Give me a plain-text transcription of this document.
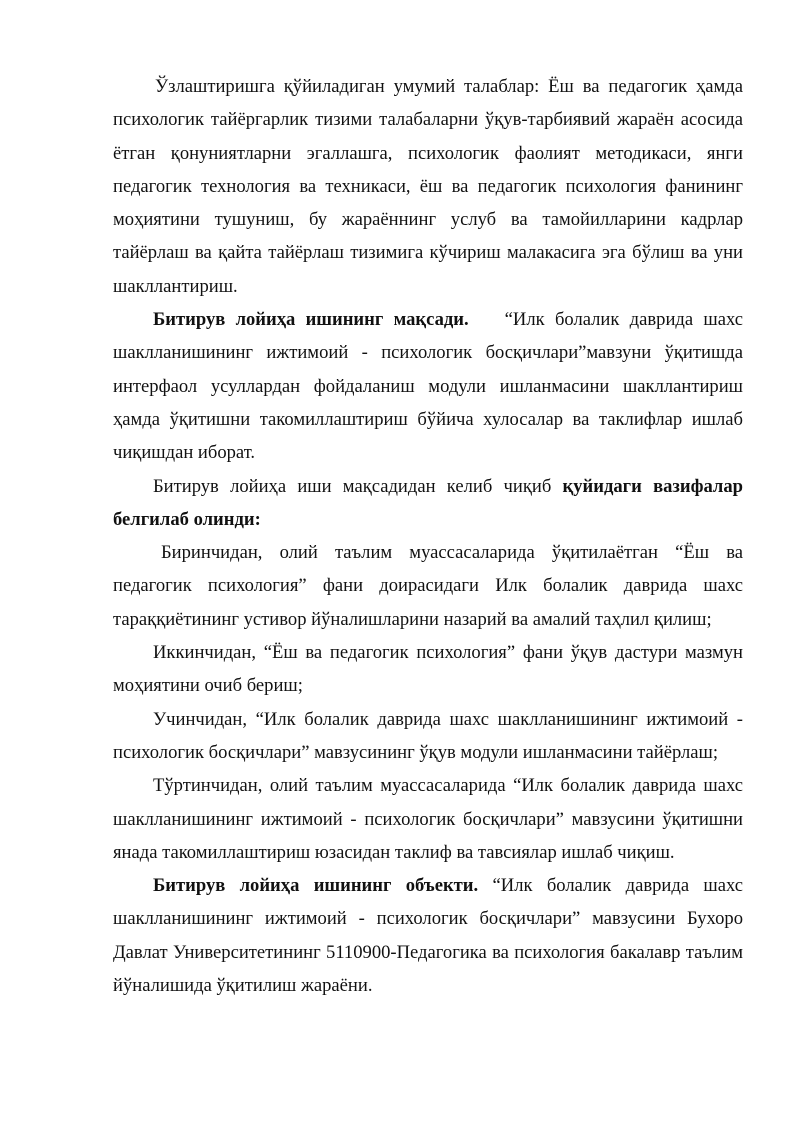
Ўзлаштиришга қўйиладиган умумий талаблар: Ёш ва педагогик ҳамда психологик тайёргарлик тизими талабаларни ўқув-тарбиявий жараён асосида ётган қонуниятларни эгаллашга, психологик фаолият методикаси, янги педагогик технология ва техникаси, ёш ва педагогик психология фанининг моҳиятини тушуниш, бу жараённинг услуб ва тамойилларини кадрлар тайёрлаш ва қайта тайёрлаш тизимига кўчириш малакасига эга бўлиш ва уни шакллантириш.

Битирув лойиҳа ишининг мақсади. “Илк болалик даврида шахс шаклланишининг ижтимоий - психологик босқичлари”мавзуни ўқитишда интерфаол усуллардан фойдаланиш модули ишланмасини шакллантириш ҳамда ўқитишни такомиллаштириш бўйича хулосалар ва таклифлар ишлаб чиқишдан иборат.

Битирув лойиҳа иши мақсадидан келиб чиқиб қуйидаги вазифалар белгилаб олинди:

Биринчидан, олий таълим муассасаларида ўқитилаётган “Ёш ва педагогик психология” фани доирасидаги Илк болалик даврида шахс тараққиётининг устивор йўналишларини назарий ва амалий таҳлил қилиш;

Иккинчидан, “Ёш ва педагогик психология” фани ўқув дастури мазмун моҳиятини очиб бериш;

Учинчидан, “Илк болалик даврида шахс шаклланишининг ижтимоий - психологик босқичлари” мавзусининг ўқув модули ишланмасини тайёрлаш;

Тўртинчидан, олий таълим муассасаларида “Илк болалик даврида шахс шаклланишининг ижтимоий - психологик босқичлари” мавзусини ўқитишни янада такомиллаштириш юзасидан таклиф ва тавсиялар ишлаб чиқиш.

Битирув лойиҳа ишининг объекти. “Илк болалик даврида шахс шаклланишининг ижтимоий - психологик босқичлари” мавзусини Бухоро Давлат Университетининг 5110900-Педагогика ва психология бакалавр таълим йўналишида ўқитилиш жараёни.
